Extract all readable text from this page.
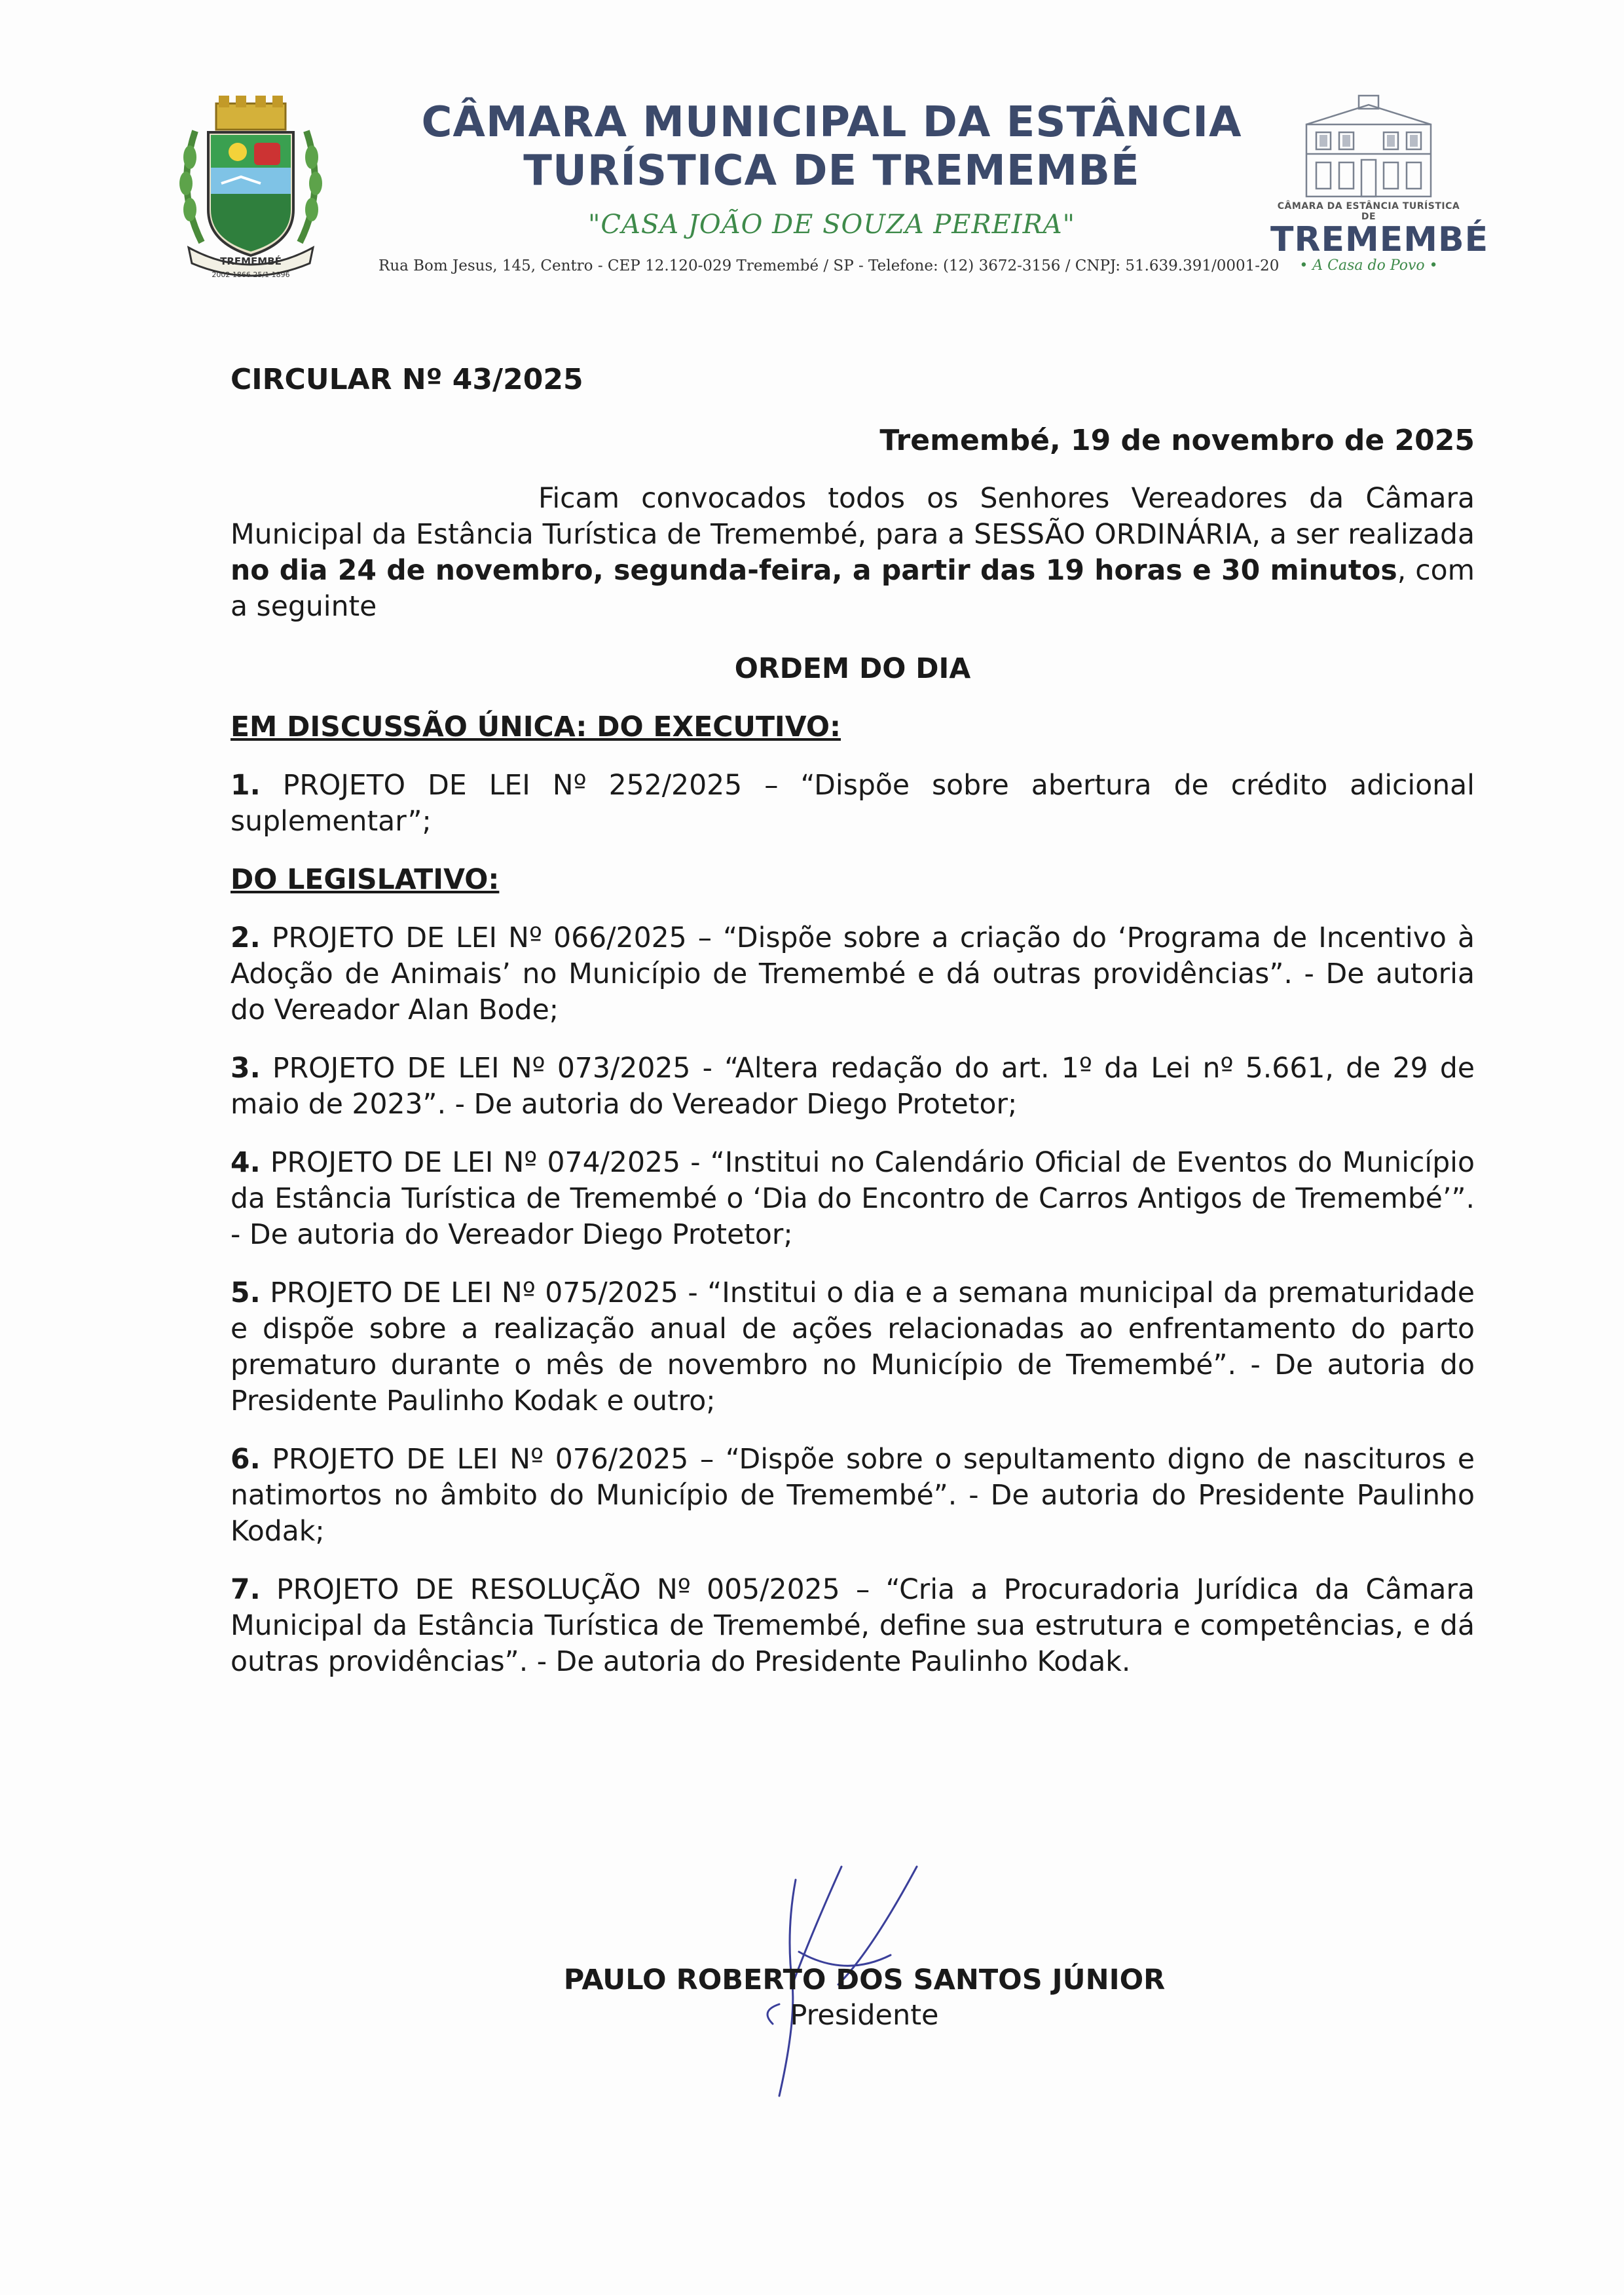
TREMEMBÉ
2002 1866 25/1 1896
CÂMARA MUNICIPAL DA ESTÂNCIA
TURÍSTICA DE TREMEMBÉ
"CASA JOÃO DE SOUZA PEREIRA"
Rua Bom Jesus, 145, Centro - CEP 12.120-029 Tremembé / SP - Telefone: (12) 3672-3156 / CNPJ: 51.639.391/0001-20
CÂMARA DA ESTÂNCIA TURÍSTICA DE
TREMEMBÉ
• A Casa do Povo •
CIRCULAR Nº 43/2025
Tremembé, 19 de novembro de 2025
Ficam convocados todos os Senhores Vereadores da Câmara Municipal da Estância Turística de Tremembé, para a SESSÃO ORDINÁRIA, a ser realizada no dia 24 de novembro, segunda-feira, a partir das 19 horas e 30 minutos, com a seguinte
ORDEM DO DIA
EM DISCUSSÃO ÚNICA: DO EXECUTIVO:
1. PROJETO DE LEI Nº 252/2025 – “Dispõe sobre abertura de crédito adicional suplementar”;
DO LEGISLATIVO:
2. PROJETO DE LEI Nº 066/2025 – “Dispõe sobre a criação do ‘Programa de Incentivo à Adoção de Animais’ no Município de Tremembé e dá outras providências”. - De autoria do Vereador Alan Bode;
3. PROJETO DE LEI Nº 073/2025 - “Altera redação do art. 1º da Lei nº 5.661, de 29 de maio de 2023”. - De autoria do Vereador Diego Protetor;
4. PROJETO DE LEI Nº 074/2025 - “Institui no Calendário Oficial de Eventos do Município da Estância Turística de Tremembé o ‘Dia do Encontro de Carros Antigos de Tremembé’”. - De autoria do Vereador Diego Protetor;
5. PROJETO DE LEI Nº 075/2025 - “Institui o dia e a semana municipal da prematuridade e dispõe sobre a realização anual de ações relacionadas ao enfrentamento do parto prematuro durante o mês de novembro no Município de Tremembé”. - De autoria do Presidente Paulinho Kodak e outro;
6. PROJETO DE LEI Nº 076/2025 – “Dispõe sobre o sepultamento digno de nascituros e natimortos no âmbito do Município de Tremembé”. - De autoria do Presidente Paulinho Kodak;
7. PROJETO DE RESOLUÇÃO Nº 005/2025 – “Cria a Procuradoria Jurídica da Câmara Municipal da Estância Turística de Tremembé, define sua estrutura e competências, e dá outras providências”. - De autoria do Presidente Paulinho Kodak.
PAULO ROBERTO DOS SANTOS JÚNIOR
Presidente
